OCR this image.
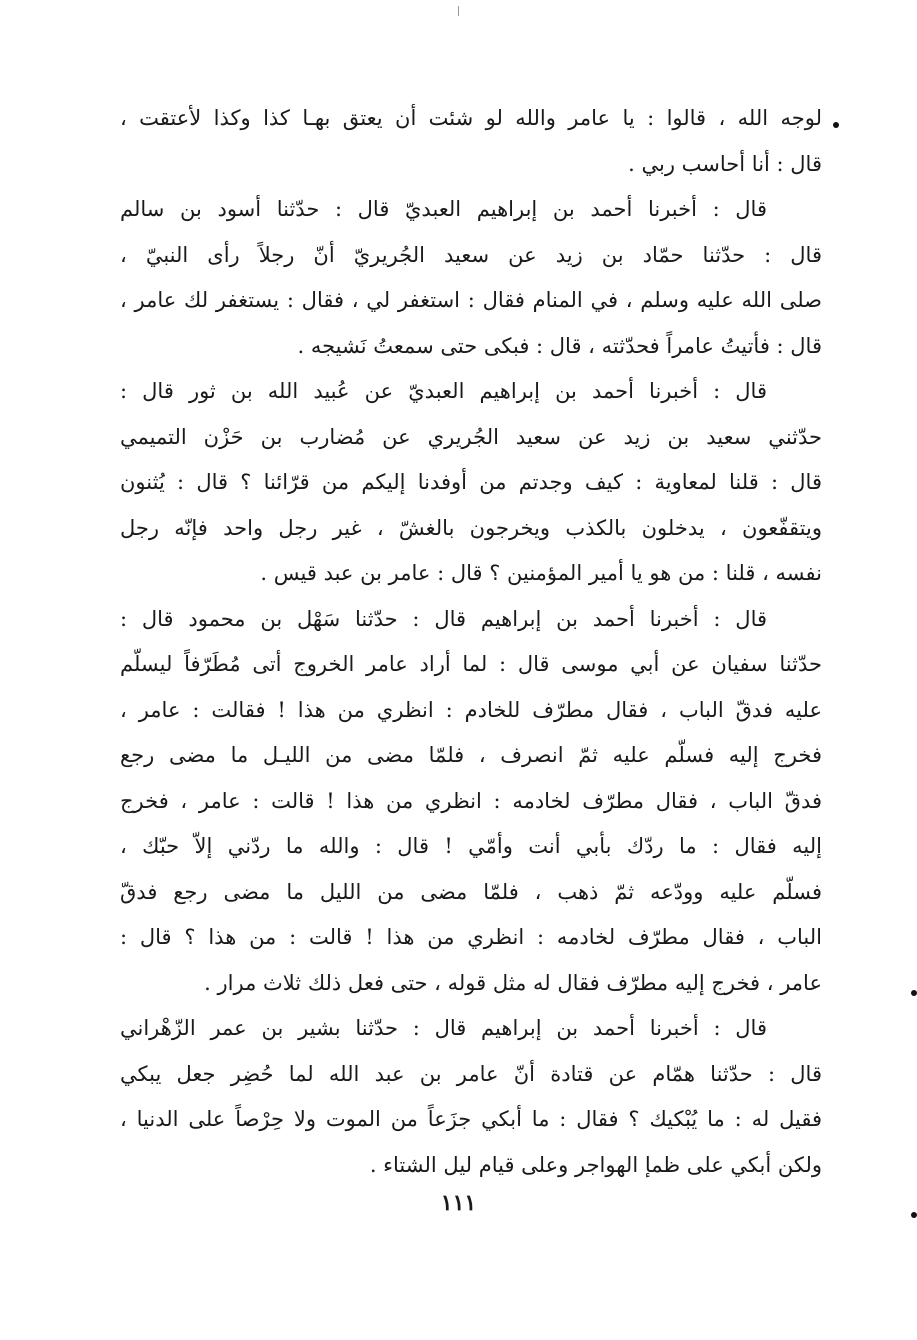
لوجه الله ، قالوا : يا عامر والله لو شئت أن يعتق بهـا كذا وكذا لأعتقت ،
قال : أنا أحاسب ربي .
قال : أخبرنا أحمد بن إبراهيم العبديّ قال : حدّثنا أسود بن سالم
قال : حدّثنا حمّاد بن زيد عن سعيد الجُريريّ أنّ رجلاً رأى النبيّ ،
صلى الله عليه وسلم ، في المنام فقال : استغفر لي ، فقال : يستغفر لك عامر ،
قال : فأتيتُ عامراً فحدّثته ، قال : فبكى حتى سمعتُ نَشيجه .
قال : أخبرنا أحمد بن إبراهيم العبديّ عن عُبيد الله بن ثور قال :
حدّثني سعيد بن زيد عن سعيد الجُريري عن مُضارب بن حَزْن التميمي
قال : قلنا لمعاوية : كيف وجدتم من أوفدنا إليكم من قرّائنا ؟ قال : يُثنون
ويتقفّعون ، يدخلون بالكذب ويخرجون بالغشّ ، غير رجل واحد فإنّه رجل
نفسه ، قلنا : من هو يا أمير المؤمنين ؟ قال : عامر بن عبد قيس .
قال : أخبرنا أحمد بن إبراهيم قال : حدّثنا سَهْل بن محمود قال :
حدّثنا سفيان عن أبي موسى قال : لما أراد عامر الخروج أتى مُطَرّفاً ليسلّم
عليه فدقّ الباب ، فقال مطرّف للخادم : انظري من هذا ! فقالت : عامر ،
فخرج إليه فسلّم عليه ثمّ انصرف ، فلمّا مضى من الليـل ما مضى رجع
فدقّ الباب ، فقال مطرّف لخادمه : انظري من هذا ! قالت : عامر ، فخرج
إليه فقال : ما ردّك بأبي أنت وأمّي ! قال : والله ما ردّني إلاّ حبّك ،
فسلّم عليه وودّعه ثمّ ذهب ، فلمّا مضى من الليل ما مضى رجع فدقّ
الباب ، فقال مطرّف لخادمه : انظري من هذا ! قالت : من هذا ؟ قال :
عامر ، فخرج إليه مطرّف فقال له مثل قوله ، حتى فعل ذلك ثلاث مرار .
قال : أخبرنا أحمد بن إبراهيم قال : حدّثنا بشير بن عمر الزّهْراني
قال : حدّثنا همّام عن قتادة أنّ عامر بن عبد الله لما حُضِر جعل يبكي
فقيل له : ما يُبْكيك ؟ فقال : ما أبكي جزَعاً من الموت ولا حِرْصاً على الدنيا ،
ولكن أبكي على ظمإ الهواجر وعلى قيام ليل الشتاء .
١١١
